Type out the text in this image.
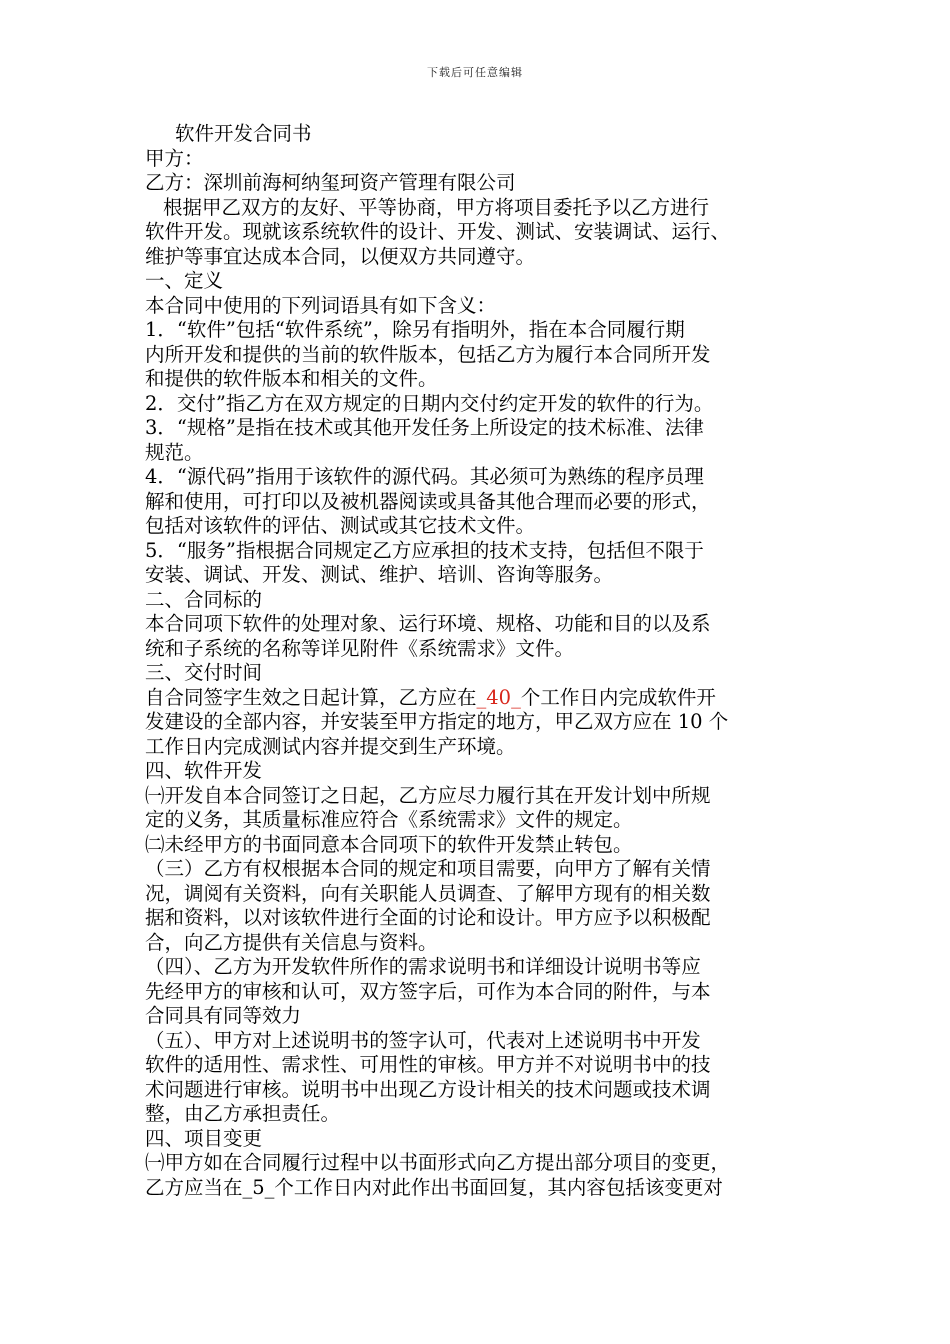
下载后可任意编辑
软件开发合同书
甲方：
乙方：深圳前海柯纳玺珂资产管理有限公司
根据甲乙双方的友好、平等协商，甲方将项目委托予以乙方进行
软件开发。现就该系统软件的设计、开发、测试、安装调试、运行、
维护等事宜达成本合同，以便双方共同遵守。
一、定义
本合同中使用的下列词语具有如下含义：
1．“软件”包括“软件系统”，除另有指明外，指在本合同履行期
内所开发和提供的当前的软件版本，包括乙方为履行本合同所开发
和提供的软件版本和相关的文件。
2．交付”指乙方在双方规定的日期内交付约定开发的软件的行为。
3．“规格”是指在技术或其他开发任务上所设定的技术标准、法律
规范。
4．“源代码”指用于该软件的源代码。其必须可为熟练的程序员理
解和使用，可打印以及被机器阅读或具备其他合理而必要的形式，
包括对该软件的评估、测试或其它技术文件。
5．“服务”指根据合同规定乙方应承担的技术支持，包括但不限于
安装、调试、开发、测试、维护、培训、咨询等服务。
二、合同标的
本合同项下软件的处理对象、运行环境、规格、功能和目的以及系
统和子系统的名称等详见附件《系统需求》文件。
三、交付时间
自合同签字生效之日起计算，乙方应在_40_个工作日内完成软件开
发建设的全部内容，并安装至甲方指定的地方，甲乙双方应在 10 个
工作日内完成测试内容并提交到生产环境。
四、软件开发
㈠开发自本合同签订之日起，乙方应尽力履行其在开发计划中所规
定的义务，其质量标准应符合《系统需求》文件的规定。
㈡未经甲方的书面同意本合同项下的软件开发禁止转包。
（三）乙方有权根据本合同的规定和项目需要，向甲方了解有关情
况，调阅有关资料，向有关职能人员调查、了解甲方现有的相关数
据和资料，以对该软件进行全面的讨论和设计。甲方应予以积极配
合，向乙方提供有关信息与资料。
（四）、乙方为开发软件所作的需求说明书和详细设计说明书等应
先经甲方的审核和认可，双方签字后，可作为本合同的附件，与本
合同具有同等效力
（五）、甲方对上述说明书的签字认可，代表对上述说明书中开发
软件的适用性、需求性、可用性的审核。甲方并不对说明书中的技
术问题进行审核。说明书中出现乙方设计相关的技术问题或技术调
整，由乙方承担责任。
四、项目变更
㈠甲方如在合同履行过程中以书面形式向乙方提出部分项目的变更，
乙方应当在_5_个工作日内对此作出书面回复，其内容包括该变更对
